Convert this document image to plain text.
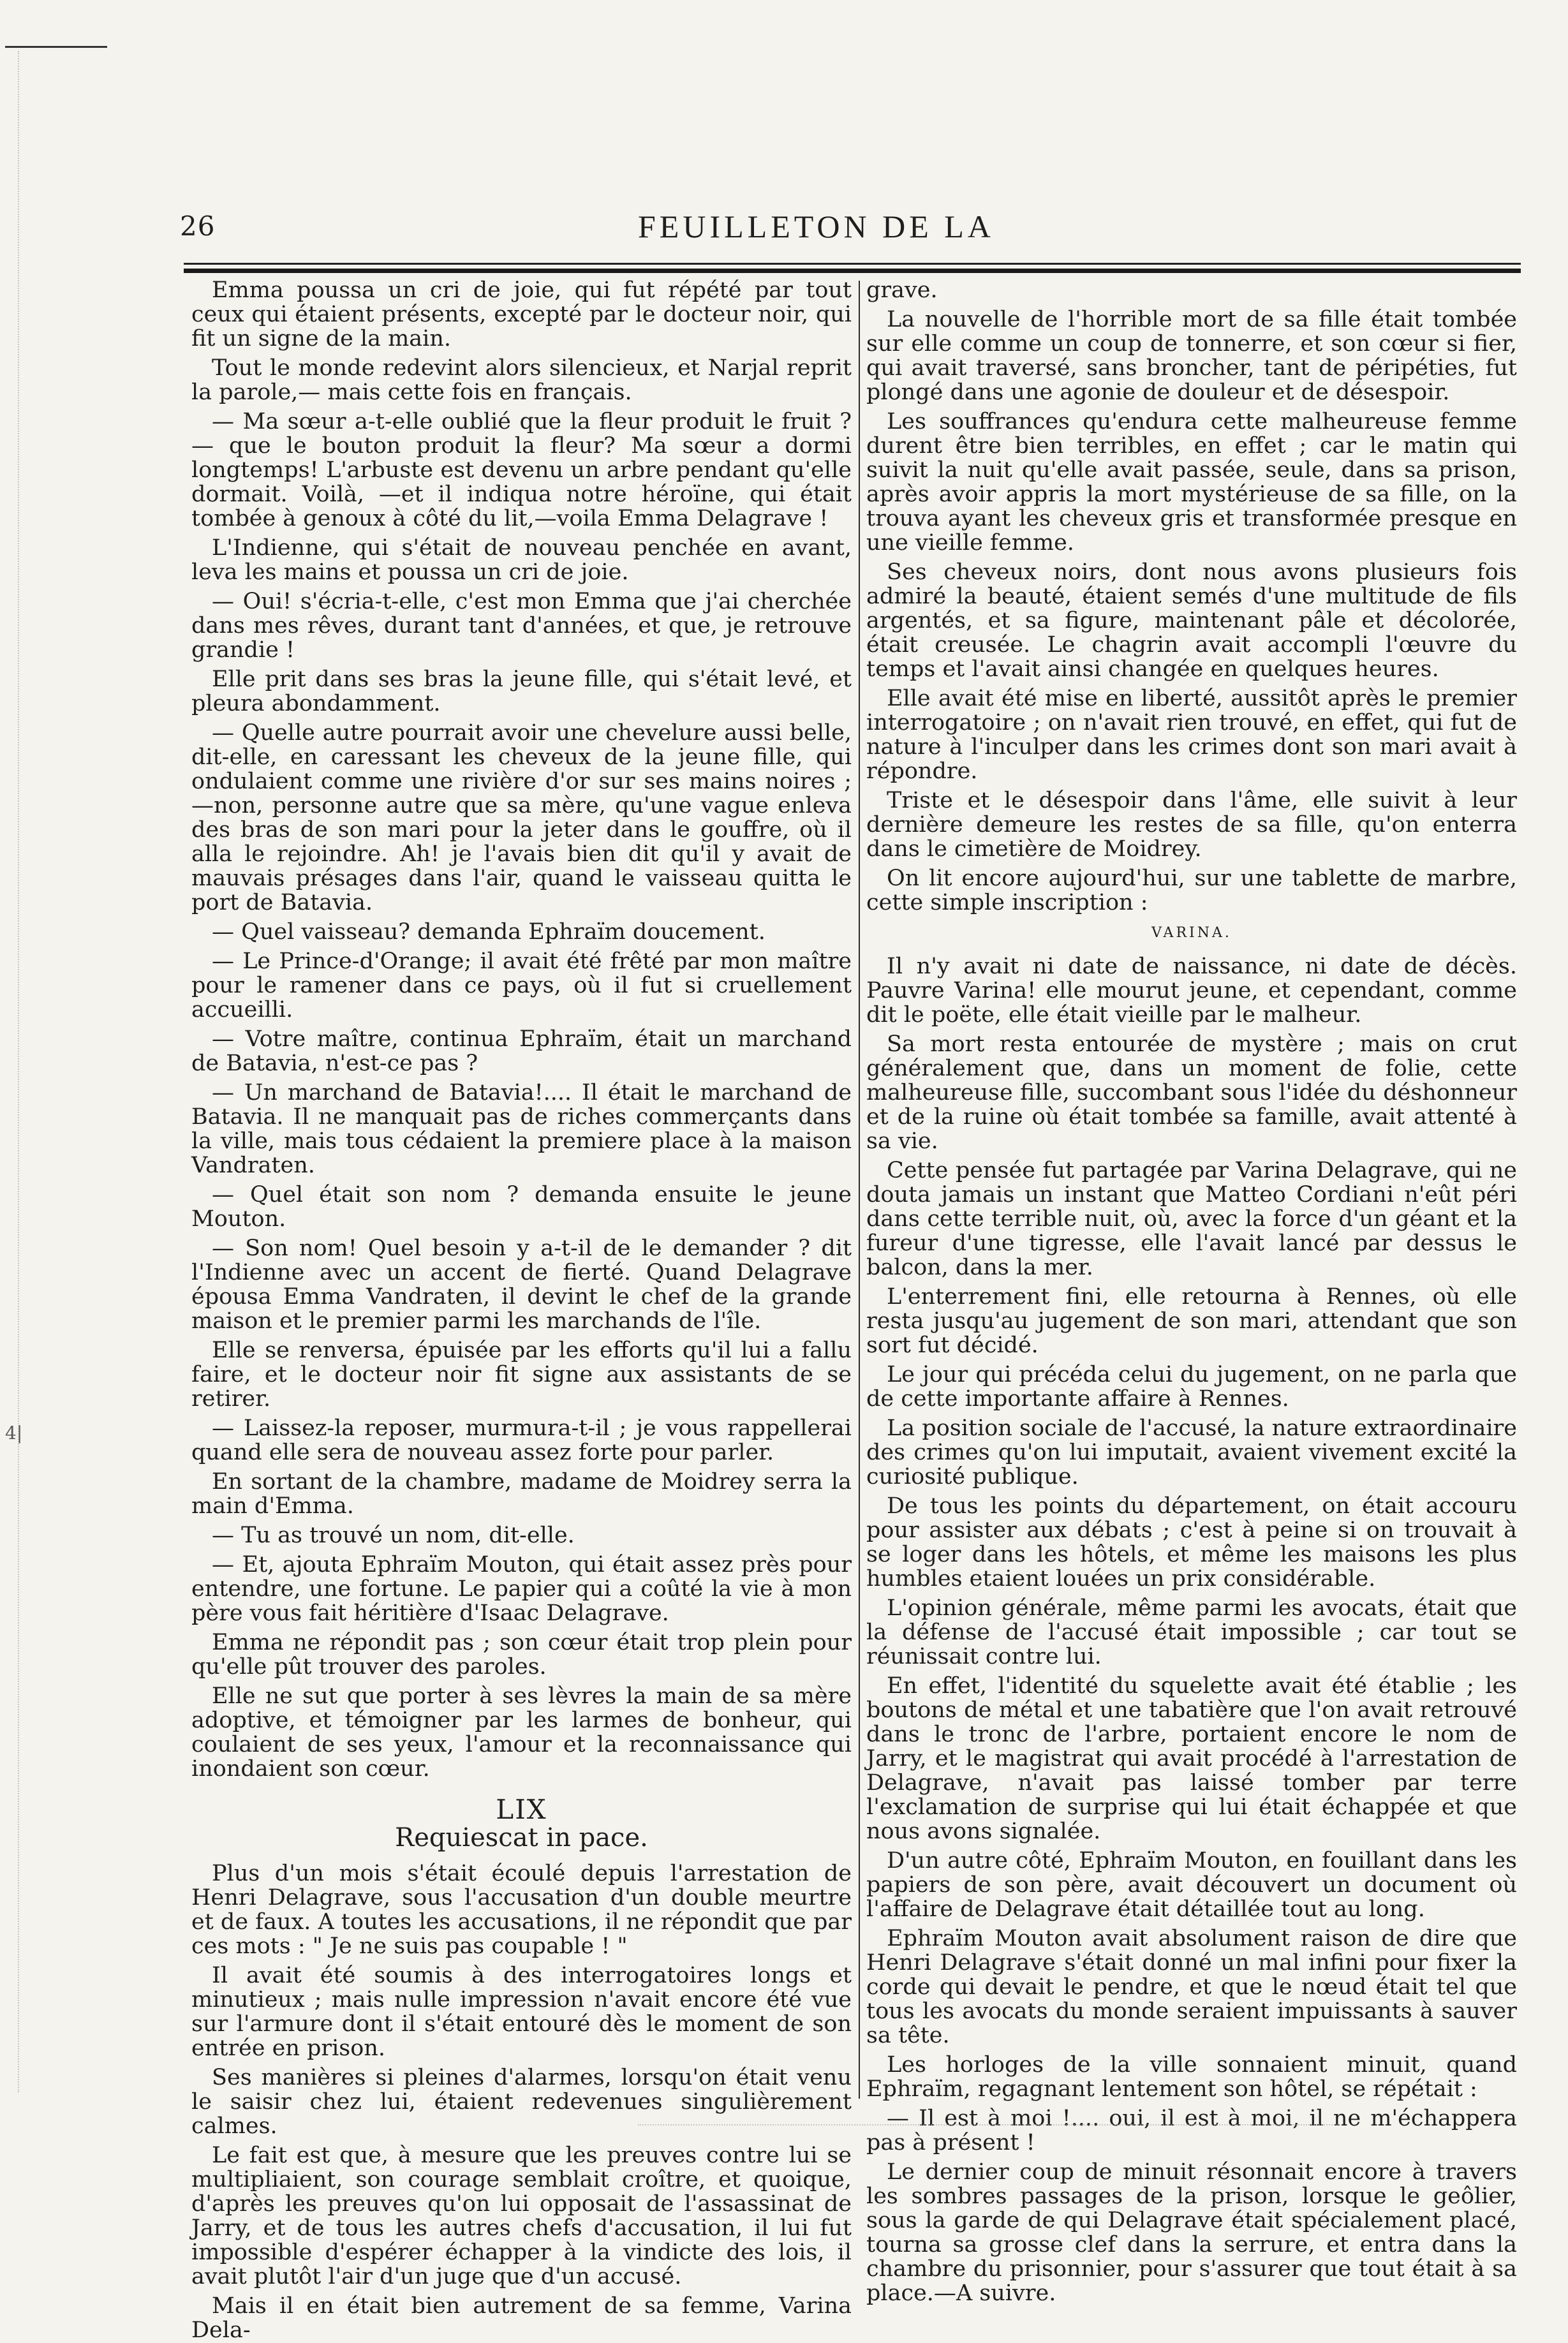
26	FEUILLETON DE LA

Emma poussa un cri de joie, qui fut répété par tout ceux qui étaient présents, excepté par le docteur noir, qui fit un signe de la main.

Tout le monde redevint alors silencieux, et Narjal reprit la parole,— mais cette fois en français.

— Ma sœur a-t-elle oublié que la fleur produit le fruit ?— que le bouton produit la fleur? Ma sœur a dormi longtemps! L'arbuste est devenu un arbre pendant qu'elle dormait. Voilà, —et il indiqua notre héroïne, qui était tombée à genoux à côté du lit,—voila Emma Delagrave !

L'Indienne, qui s'était de nouveau penchée en avant, leva les mains et poussa un cri de joie.

— Oui! s'écria-t-elle, c'est mon Emma que j'ai cherchée dans mes rêves, durant tant d'années, et que, je retrouve grandie !

Elle prit dans ses bras la jeune fille, qui s'était levé, et pleura abondamment.

— Quelle autre pourrait avoir une chevelure aussi belle, dit-elle, en caressant les cheveux de la jeune fille, qui ondulaient comme une rivière d'or sur ses mains noires ;—non, personne autre que sa mère, qu'une vague enleva des bras de son mari pour la jeter dans le gouffre, où il alla le rejoindre. Ah! je l'avais bien dit qu'il y avait de mauvais présages dans l'air, quand le vaisseau quitta le port de Batavia.

— Quel vaisseau? demanda Ephraïm doucement.

— Le Prince-d'Orange; il avait été frêté par mon maître pour le ramener dans ce pays, où il fut si cruellement accueilli.

— Votre maître, continua Ephraïm, était un marchand de Batavia, n'est-ce pas ?

— Un marchand de Batavia!.... Il était le marchand de Batavia. Il ne manquait pas de riches commerçants dans la ville, mais tous cédaient la premiere place à la maison Vandraten.

— Quel était son nom ? demanda ensuite le jeune Mouton.

— Son nom! Quel besoin y a-t-il de le demander ? dit l'Indienne avec un accent de fierté. Quand Delagrave épousa Emma Vandraten, il devint le chef de la grande maison et le premier parmi les marchands de l'île.

Elle se renversa, épuisée par les efforts qu'il lui a fallu faire, et le docteur noir fit signe aux assistants de se retirer.

— Laissez-la reposer, murmura-t-il ; je vous rappellerai quand elle sera de nouveau assez forte pour parler.

En sortant de la chambre, madame de Moidrey serra la main d'Emma.

— Tu as trouvé un nom, dit-elle.

— Et, ajouta Ephraïm Mouton, qui était assez près pour entendre, une fortune. Le papier qui a coûté la vie à mon père vous fait héritière d'Isaac Delagrave.

Emma ne répondit pas ; son cœur était trop plein pour qu'elle pût trouver des paroles.

Elle ne sut que porter à ses lèvres la main de sa mère adoptive, et témoigner par les larmes de bonheur, qui coulaient de ses yeux, l'amour et la reconnaissance qui inondaient son cœur.

LIX
Requiescat in pace.

Plus d'un mois s'était écoulé depuis l'arrestation de Henri Delagrave, sous l'accusation d'un double meurtre et de faux. A toutes les accusations, il ne répondit que par ces mots : " Je ne suis pas coupable ! "

Il avait été soumis à des interrogatoires longs et minutieux ; mais nulle impression n'avait encore été vue sur l'armure dont il s'était entouré dès le moment de son entrée en prison.

Ses manières si pleines d'alarmes, lorsqu'on était venu le saisir chez lui, étaient redevenues singulièrement calmes.

Le fait est que, à mesure que les preuves contre lui se multipliaient, son courage semblait croître, et quoique, d'après les preuves qu'on lui opposait de l'assassinat de Jarry, et de tous les autres chefs d'accusation, il lui fut impossible d'espérer échapper à la vindicte des lois, il avait plutôt l'air d'un juge que d'un accusé.

Mais il en était bien autrement de sa femme, Varina Dela-

grave.

La nouvelle de l'horrible mort de sa fille était tombée sur elle comme un coup de tonnerre, et son cœur si fier, qui avait traversé, sans broncher, tant de péripéties, fut plongé dans une agonie de douleur et de désespoir.

Les souffrances qu'endura cette malheureuse femme durent être bien terribles, en effet ; car le matin qui suivit la nuit qu'elle avait passée, seule, dans sa prison, après avoir appris la mort mystérieuse de sa fille, on la trouva ayant les cheveux gris et transformée presque en une vieille femme.

Ses cheveux noirs, dont nous avons plusieurs fois admiré la beauté, étaient semés d'une multitude de fils argentés, et sa figure, maintenant pâle et décolorée, était creusée. Le chagrin avait accompli l'œuvre du temps et l'avait ainsi changée en quelques heures.

Elle avait été mise en liberté, aussitôt après le premier interrogatoire ; on n'avait rien trouvé, en effet, qui fut de nature à l'inculper dans les crimes dont son mari avait à répondre.

Triste et le désespoir dans l'âme, elle suivit à leur dernière demeure les restes de sa fille, qu'on enterra dans le cimetière de Moidrey.

On lit encore aujourd'hui, sur une tablette de marbre, cette simple inscription :

VARINA.

Il n'y avait ni date de naissance, ni date de décès. Pauvre Varina! elle mourut jeune, et cependant, comme dit le poëte, elle était vieille par le malheur.

Sa mort resta entourée de mystère ; mais on crut généralement que, dans un moment de folie, cette malheureuse fille, succombant sous l'idée du déshonneur et de la ruine où était tombée sa famille, avait attenté à sa vie.

Cette pensée fut partagée par Varina Delagrave, qui ne douta jamais un instant que Matteo Cordiani n'eût péri dans cette terrible nuit, où, avec la force d'un géant et la fureur d'une tigresse, elle l'avait lancé par dessus le balcon, dans la mer.

L'enterrement fini, elle retourna à Rennes, où elle resta jusqu'au jugement de son mari, attendant que son sort fut décidé.

Le jour qui précéda celui du jugement, on ne parla que de cette importante affaire à Rennes.

La position sociale de l'accusé, la nature extraordinaire des crimes qu'on lui imputait, avaient vivement excité la curiosité publique.

De tous les points du département, on était accouru pour assister aux débats ; c'est à peine si on trouvait à se loger dans les hôtels, et même les maisons les plus humbles etaient louées un prix considérable.

L'opinion générale, même parmi les avocats, était que la défense de l'accusé était impossible ; car tout se réunissait contre lui.

En effet, l'identité du squelette avait été établie ; les boutons de métal et une tabatière que l'on avait retrouvé dans le tronc de l'arbre, portaient encore le nom de Jarry, et le magistrat qui avait procédé à l'arrestation de Delagrave, n'avait pas laissé tomber par terre l'exclamation de surprise qui lui était échappée et que nous avons signalée.

D'un autre côté, Ephraïm Mouton, en fouillant dans les papiers de son père, avait découvert un document où l'affaire de Delagrave était détaillée tout au long.

Ephraïm Mouton avait absolument raison de dire que Henri Delagrave s'était donné un mal infini pour fixer la corde qui devait le pendre, et que le nœud était tel que tous les avocats du monde seraient impuissants à sauver sa tête.

Les horloges de la ville sonnaient minuit, quand Ephraïm, regagnant lentement son hôtel, se répétait :

— Il est à moi !.... oui, il est à moi, il ne m'échappera pas à présent !

Le dernier coup de minuit résonnait encore à travers les sombres passages de la prison, lorsque le geôlier, sous la garde de qui Delagrave était spécialement placé, tourna sa grosse clef dans la serrure, et entra dans la chambre du prisonnier, pour s'assurer que tout était à sa place.—A suivre.

4|
